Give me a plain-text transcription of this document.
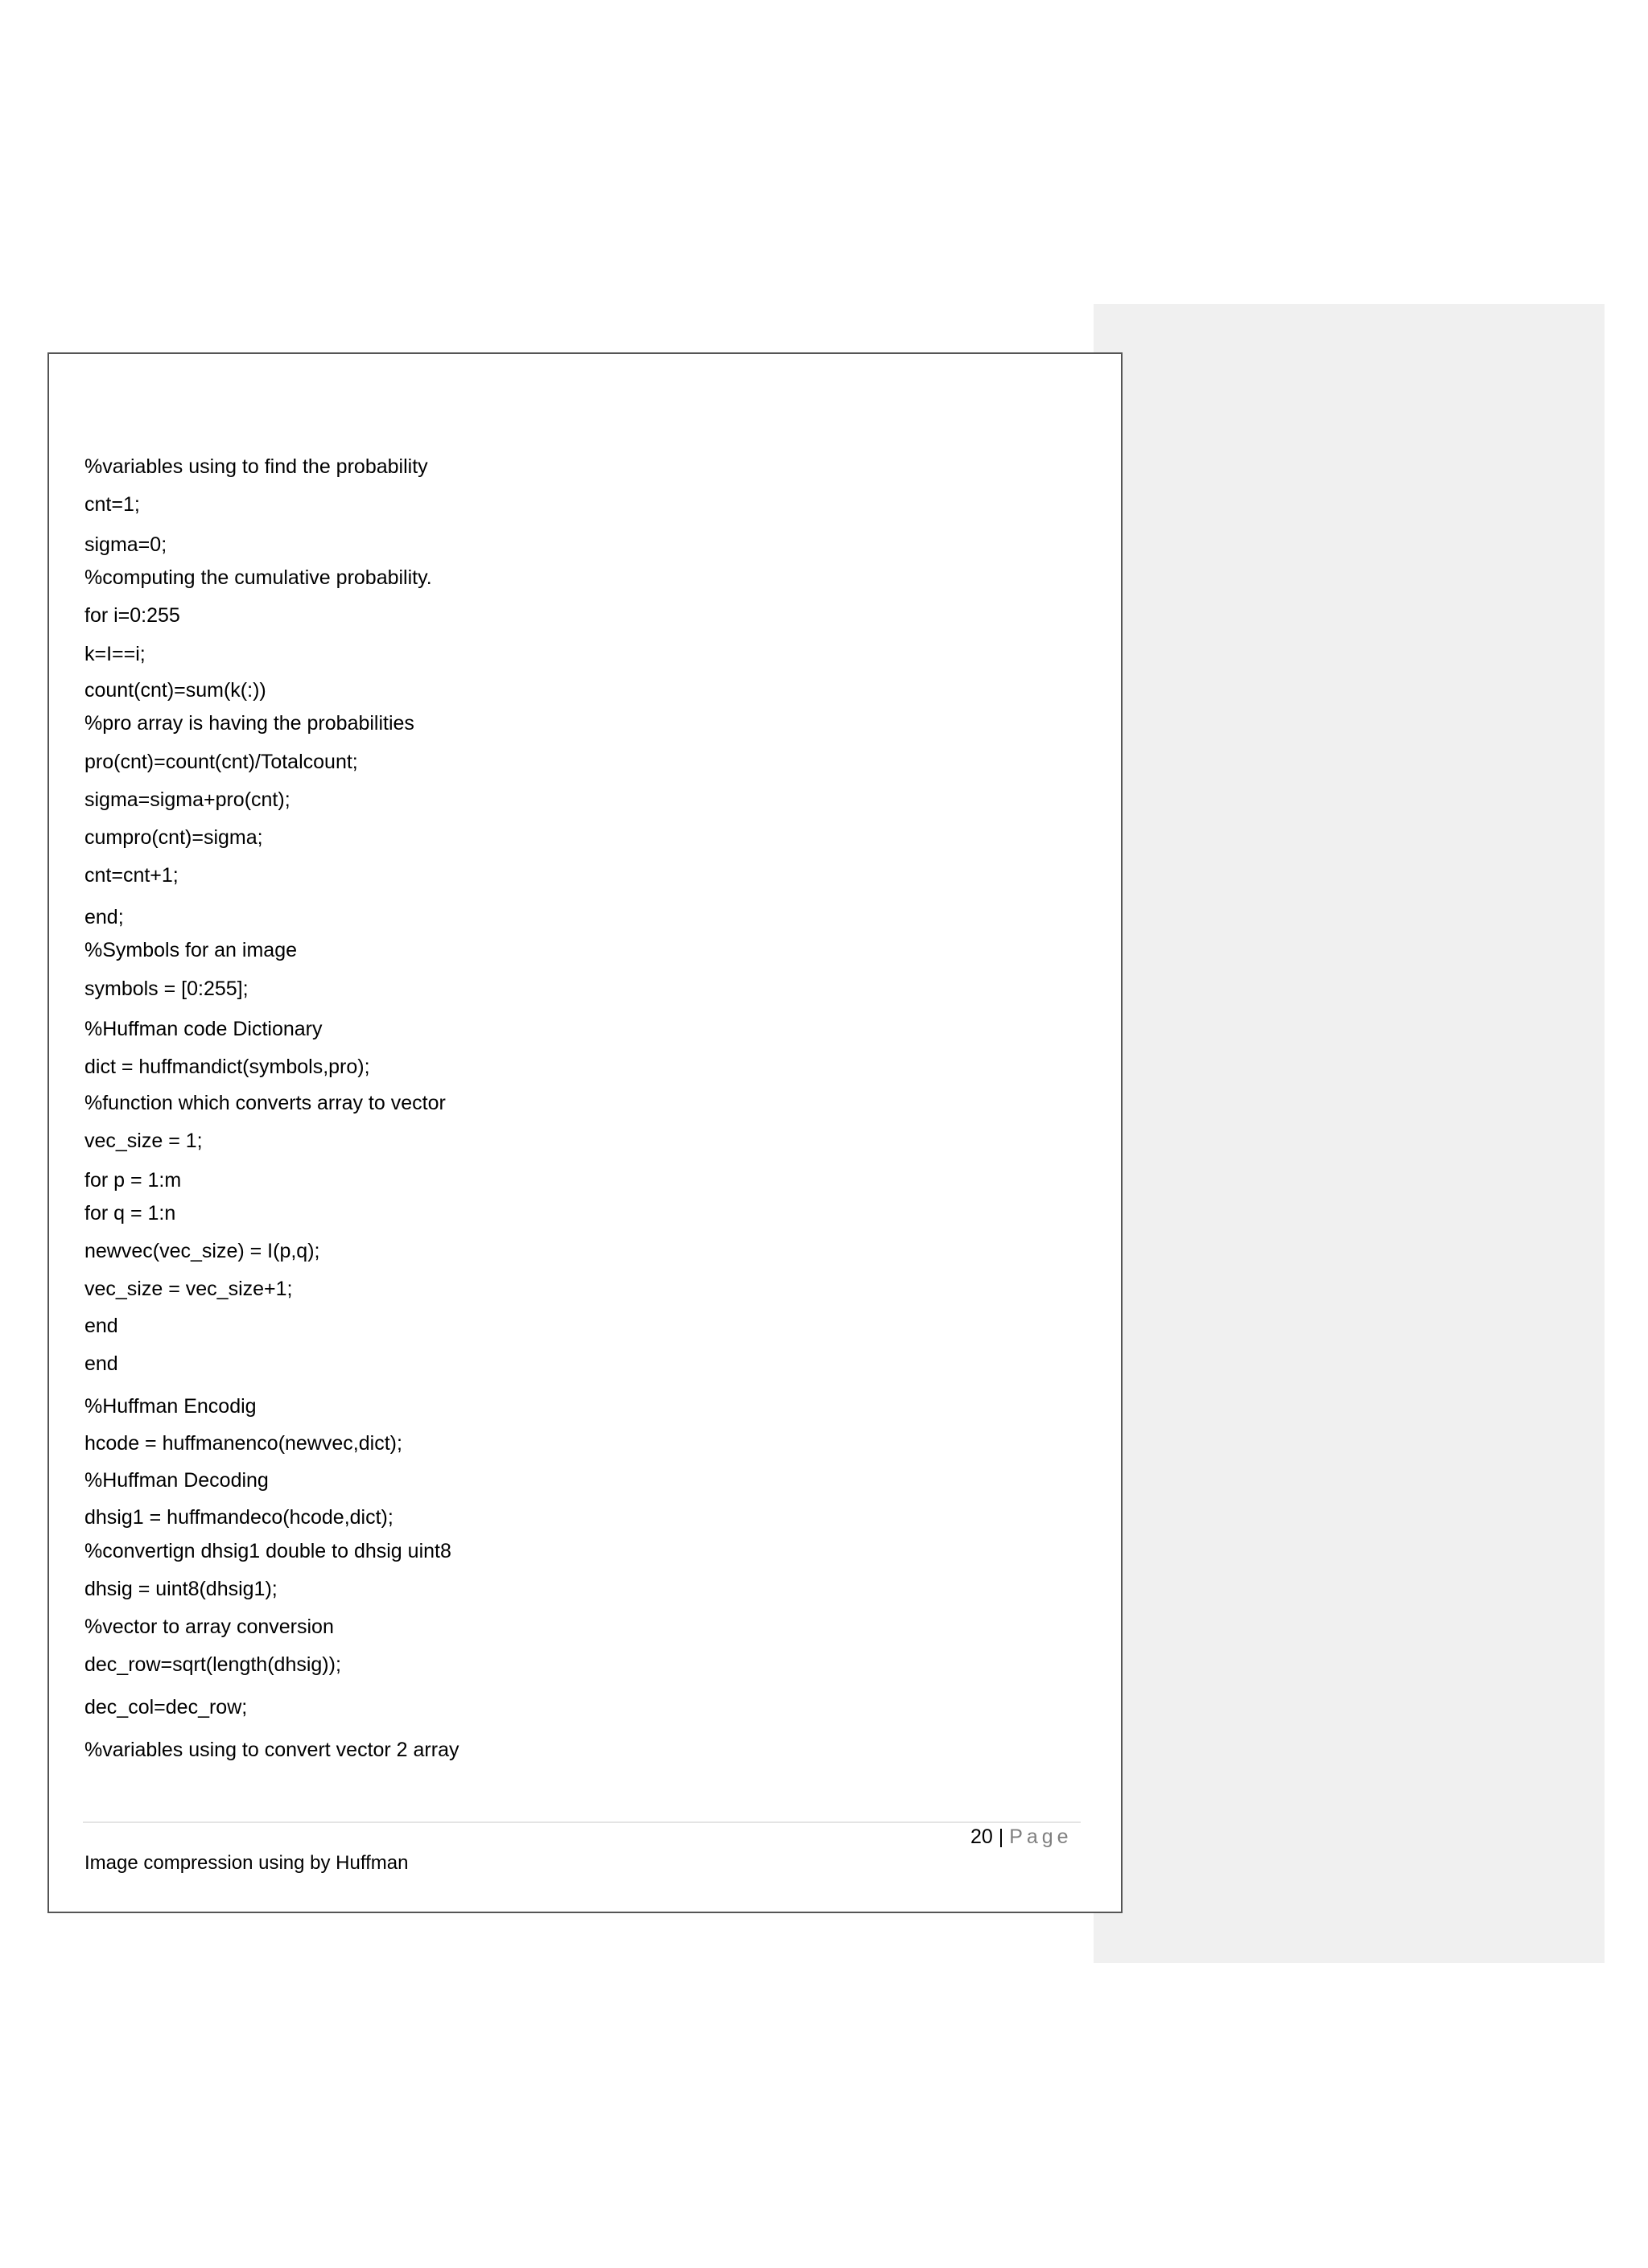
%variables using to find the probability

cnt=1;

sigma=0;

%computing the cumulative probability.

for i=0:255

k=I==i;

count(cnt)=sum(k(:))

%pro array is having the probabilities

pro(cnt)=count(cnt)/Totalcount;

sigma=sigma+pro(cnt);

cumpro(cnt)=sigma;

cnt=cnt+1;

end;

%Symbols for an image

symbols = [0:255];

%Huffman code Dictionary

dict = huffmandict(symbols,pro);

%function which converts array to vector

vec_size = 1;

for p = 1:m

for q = 1:n

newvec(vec_size) = I(p,q);

vec_size = vec_size+1;

end

end

%Huffman Encodig

hcode = huffmanenco(newvec,dict);

%Huffman Decoding

dhsig1 = huffmandeco(hcode,dict);

%convertign dhsig1 double to dhsig uint8

dhsig = uint8(dhsig1);

%vector to array conversion

dec_row=sqrt(length(dhsig));

dec_col=dec_row;

%variables using to convert vector 2 array

20 | Page

Image compression using by Huffman
